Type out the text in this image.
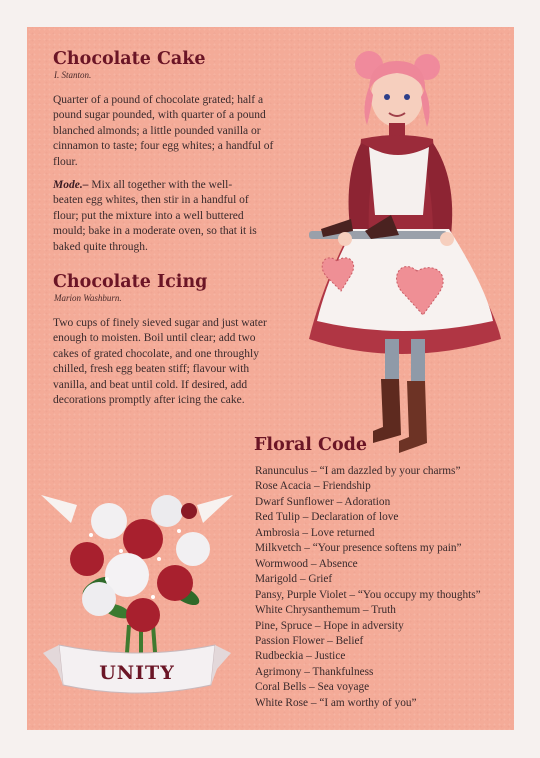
Chocolate Cake
I. Stanton.

Quarter of a pound of chocolate grated; half a pound sugar pounded, with quarter of a pound blanched almonds; a little pounded vanilla or cinnamon to taste; four egg whites; a handful of flour.

Mode.– Mix all together with the well-beaten egg whites, then stir in a handful of flour; put the mixture into a well buttered mould; bake in a moderate oven, so that it is baked quite through.

Chocolate Icing
Marion Washburn.

Two cups of finely sieved sugar and just water enough to moisten. Boil until clear; add two cakes of grated chocolate, and one throughly chilled, fresh egg beaten stiff; flavour with vanilla, and beat until cold. If desired, add decorations promptly after icing the cake.

Floral Code
Ranunculus – “I am dazzled by your charms”
Rose Acacia – Friendship
Dwarf Sunflower – Adoration
Red Tulip – Declaration of love
Ambrosia – Love returned
Milkvetch – “Your presence softens my pain”
Wormwood – Absence
Marigold – Grief
Pansy, Purple Violet – “You occupy my thoughts”
White Chrysanthemum – Truth
Pine, Spruce – Hope in adversity
Passion Flower – Belief
Rudbeckia – Justice
Agrimony – Thankfulness
Coral Bells – Sea voyage
White Rose – “I am worthy of you”
UNITY
